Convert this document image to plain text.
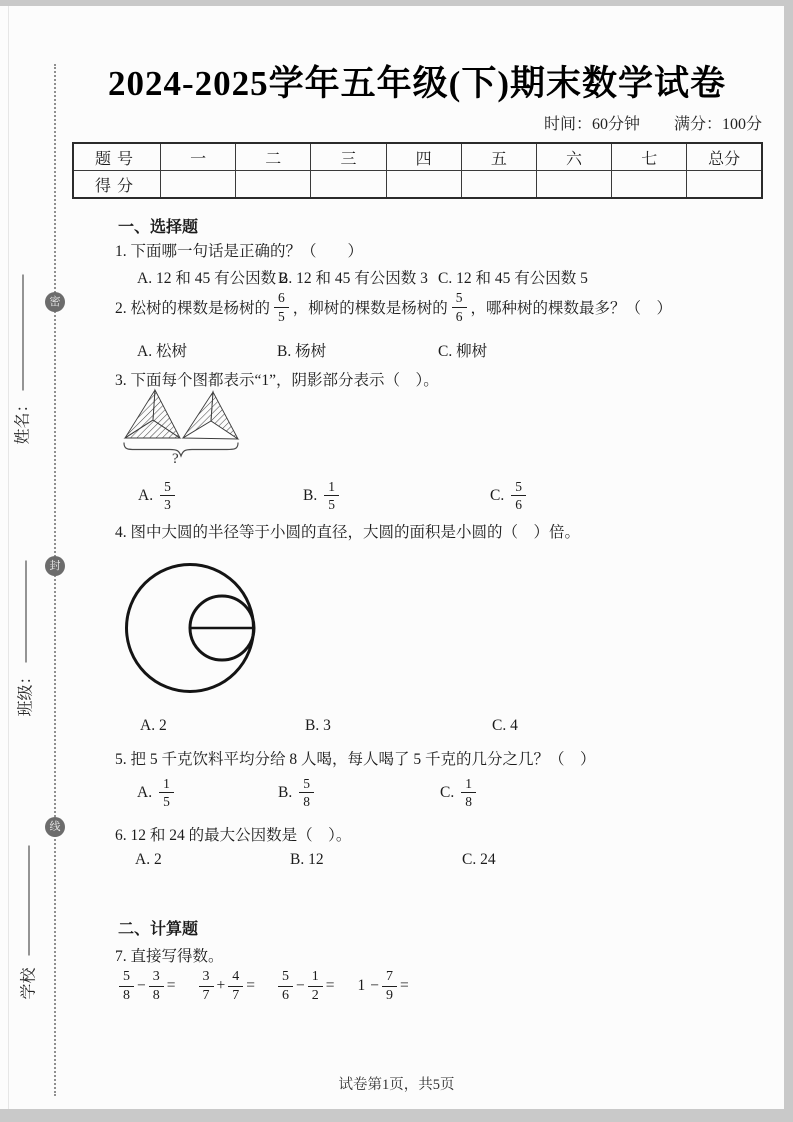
密
封
线
姓名：
班级：
学校
2024-2025学年五年级(下)期末数学试卷
时间：60分钟 满分：100分
题号	一	二	三	四	五	六	七	总分
得分								
一、选择题
1. 下面哪一句话是正确的？（　　）
A. 12 和 45 有公因数 2
B. 12 和 45 有公因数 3 C. 12 和 45 有公因数 5
2. 松树的棵数是杨树的 $\frac{6}{5}$ ，柳树的棵数是杨树的 $\frac{5}{6}$ ，哪种树的棵数最多？（　）
A. 松树	B. 杨树	C. 柳树
3. 下面每个图都表示“1”，阴影部分表示（　）。
?
A. $\frac{5}{3}$	B. $\frac{1}{5}$	C. $\frac{5}{6}$
4. 图中大圆的半径等于小圆的直径，大圆的面积是小圆的（　）倍。
A. 2	B. 3	C. 4
5. 把 5 千克饮料平均分给 8 人喝，每人喝了 5 千克的几分之几？（　）
A. $\frac{1}{5}$	B. $\frac{5}{8}$	C. $\frac{1}{8}$
6. 12 和 24 的最大公因数是（　）。
A. 2	B. 12	C. 24
二、计算题
7. 直接写得数。
$\frac{5}{8} - \frac{3}{8} = \frac{3}{7} + \frac{4}{7} = \frac{5}{6} - \frac{1}{2} = 1 - \frac{7}{9}$ =
试卷第1页，共5页
